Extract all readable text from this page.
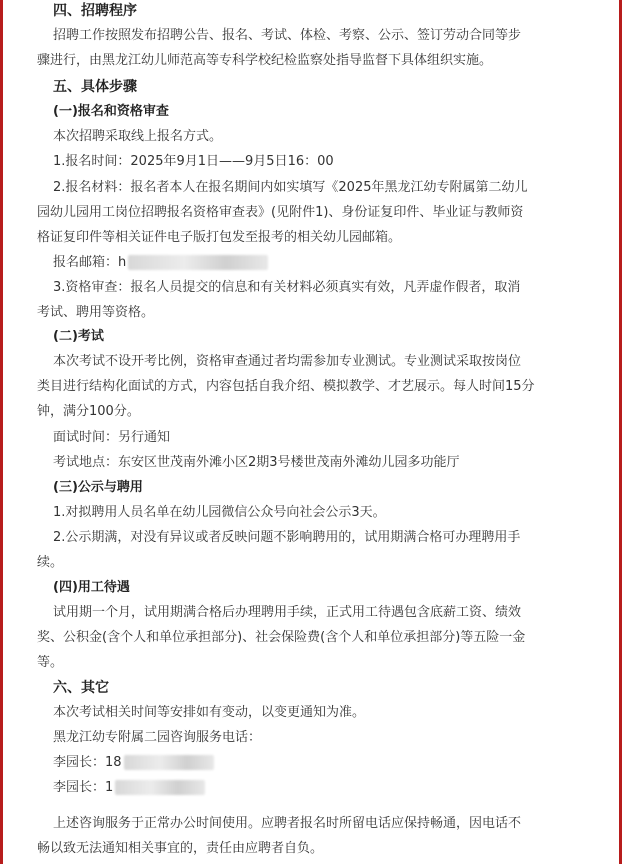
四、招聘程序
招聘工作按照发布招聘公告、报名、考试、体检、考察、公示、签订劳动合同等步
骤进行，由黑龙江幼儿师范高等专科学校纪检监察处指导监督下具体组织实施。
五、具体步骤
(一)报名和资格审查
本次招聘采取线上报名方式。
1.报名时间：2025年9月1日——9月5日16：00
2.报名材料：报名者本人在报名期间内如实填写《2025年黑龙江幼专附属第二幼儿
园幼儿园用工岗位招聘报名资格审查表》(见附件1)、身份证复印件、毕业证与教师资
格证复印件等相关证件电子版打包发至报考的相关幼儿园邮箱。
报名邮箱：h
3.资格审查：报名人员提交的信息和有关材料必须真实有效，凡弄虚作假者，取消
考试、聘用等资格。
(二)考试
本次考试不设开考比例，资格审查通过者均需参加专业测试。专业测试采取按岗位
类目进行结构化面试的方式，内容包括自我介绍、模拟教学、才艺展示。每人时间15分
钟，满分100分。
面试时间：另行通知
考试地点：东安区世茂南外滩小区2期3号楼世茂南外滩幼儿园多功能厅
(三)公示与聘用
1.对拟聘用人员名单在幼儿园微信公众号向社会公示3天。
2.公示期满，对没有异议或者反映问题不影响聘用的，试用期满合格可办理聘用手
续。
(四)用工待遇
试用期一个月，试用期满合格后办理聘用手续，正式用工待遇包含底薪工资、绩效
奖、公积金(含个人和单位承担部分)、社会保险费(含个人和单位承担部分)等五险一金
等。
六、其它
本次考试相关时间等安排如有变动，以变更通知为准。
黑龙江幼专附属二园咨询服务电话：
李园长：18
李园长：1
上述咨询服务于正常办公时间使用。应聘者报名时所留电话应保持畅通，因电话不
畅以致无法通知相关事宜的，责任由应聘者自负。
